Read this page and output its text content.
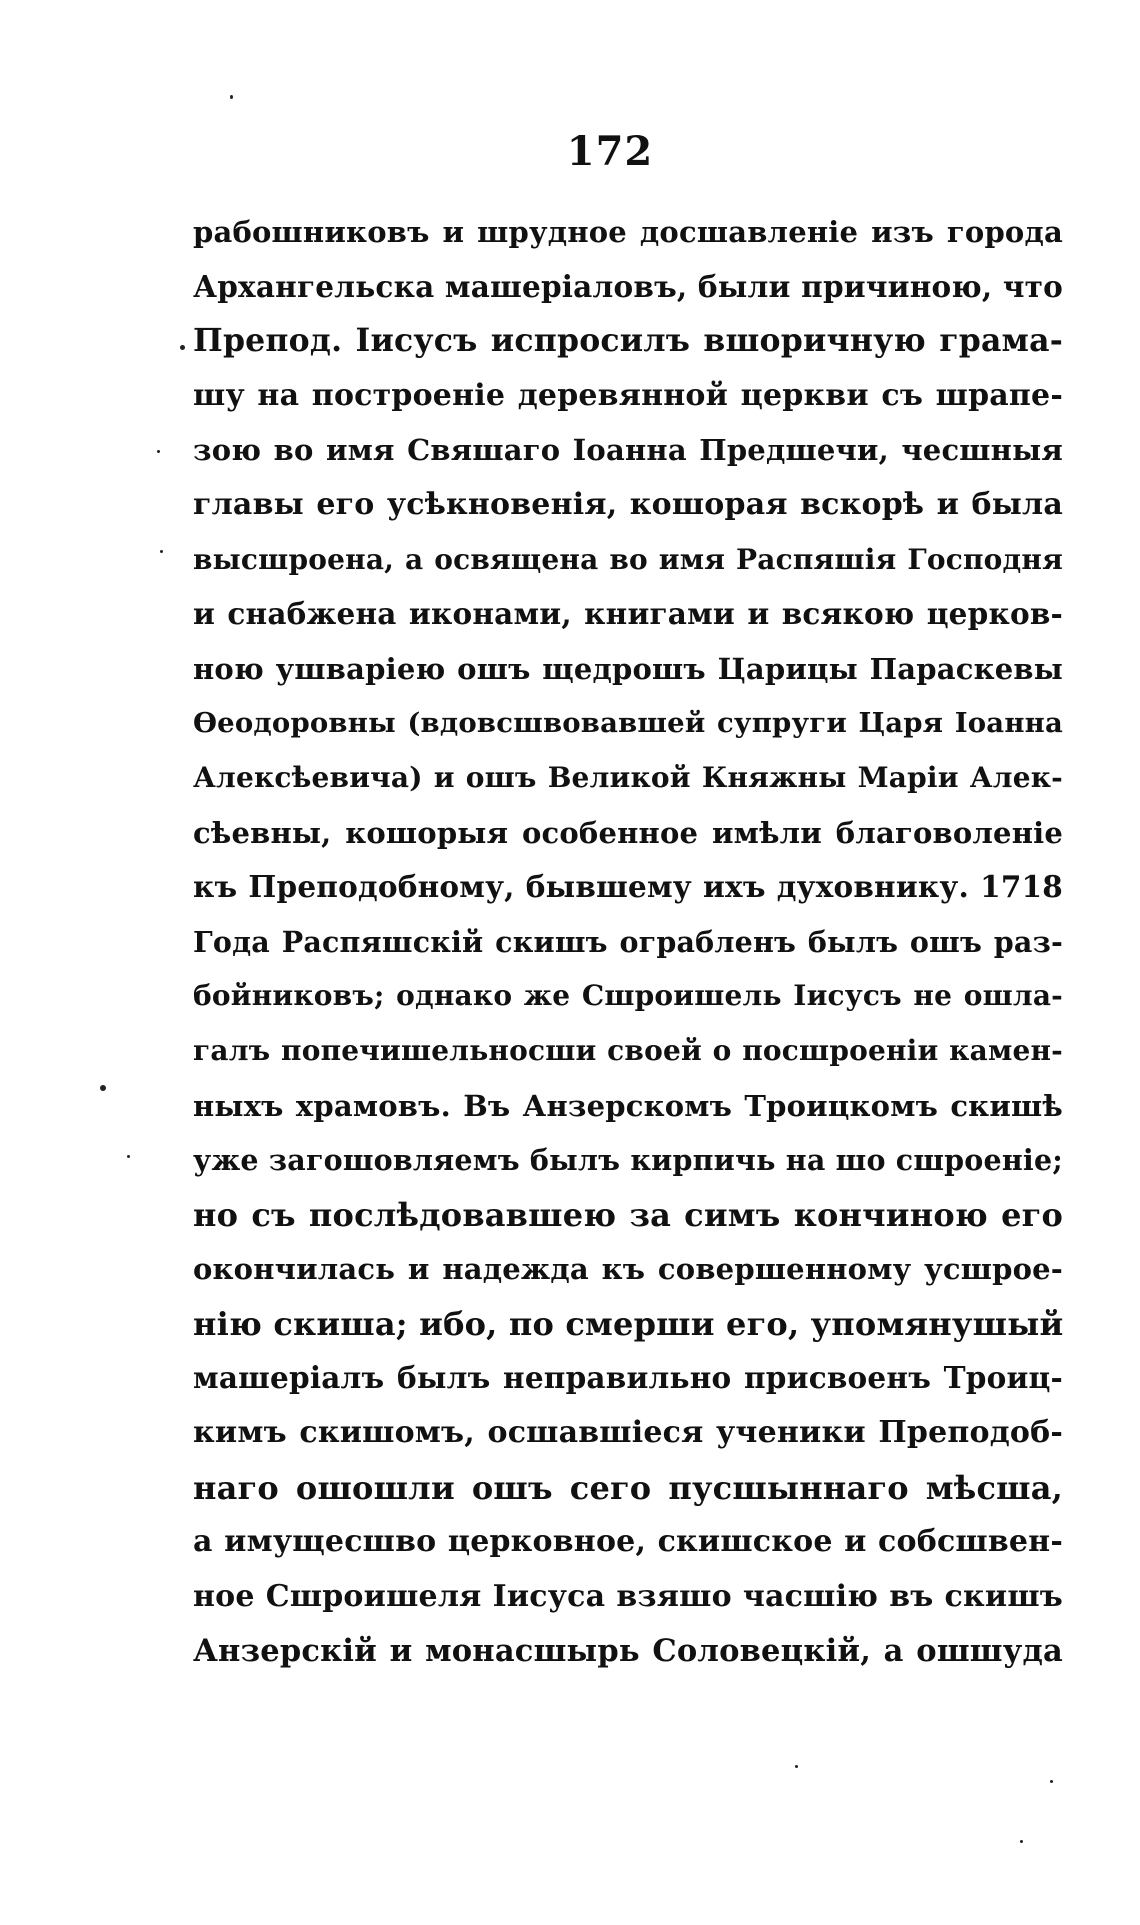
172
рабошниковъ и шрудное досшавленіе изъ города
Архангельска машеріаловъ, были причиною, что
Препод. Іисусъ испросилъ вшоричную грама-
шу на построеніе деревянной церкви съ шрапе-
зою во имя Свяшаго Іоанна Предшечи, чесшныя
главы его усѣкновенія, кошорая вскорѣ и была
высшроена, а освящена во имя Распяшія Господня
и снабжена иконами, книгами и всякою церков-
ною ушваріею ошъ щедрошъ Царицы Параскевы
Ѳеодоровны (вдовсшвовавшей супруги Царя Іоанна
Алексѣевича) и ошъ Великой Княжны Маріи Алек-
сѣевны, кошорыя особенное имѣли благоволеніе
къ Преподобному, бывшему ихъ духовнику. 1718
Года Распяшскій скишъ ограбленъ былъ ошъ раз-
бойниковъ; однако же Сшроишель Іисусъ не ошла-
галъ попечишельносши своей о посшроеніи камен-
ныхъ храмовъ. Въ Анзерскомъ Троицкомъ скишѣ
уже загошовляемъ былъ кирпичь на шо сшроеніе;
но съ послѣдовавшею за симъ кончиною его
окончилась и надежда къ совершенному усшрое-
нію скиша; ибо, по смерши его, упомянушый
машеріалъ былъ неправильно присвоенъ Троиц-
кимъ скишомъ, осшавшіеся ученики Преподоб-
наго ошошли ошъ сего пусшыннаго мѣсша,
а имущесшво церковное, скишское и собсшвен-
ное Сшроишеля Іисуса взяшо часшію въ скишъ
Анзерскій и монасшырь Соловецкій, а ошшуда
